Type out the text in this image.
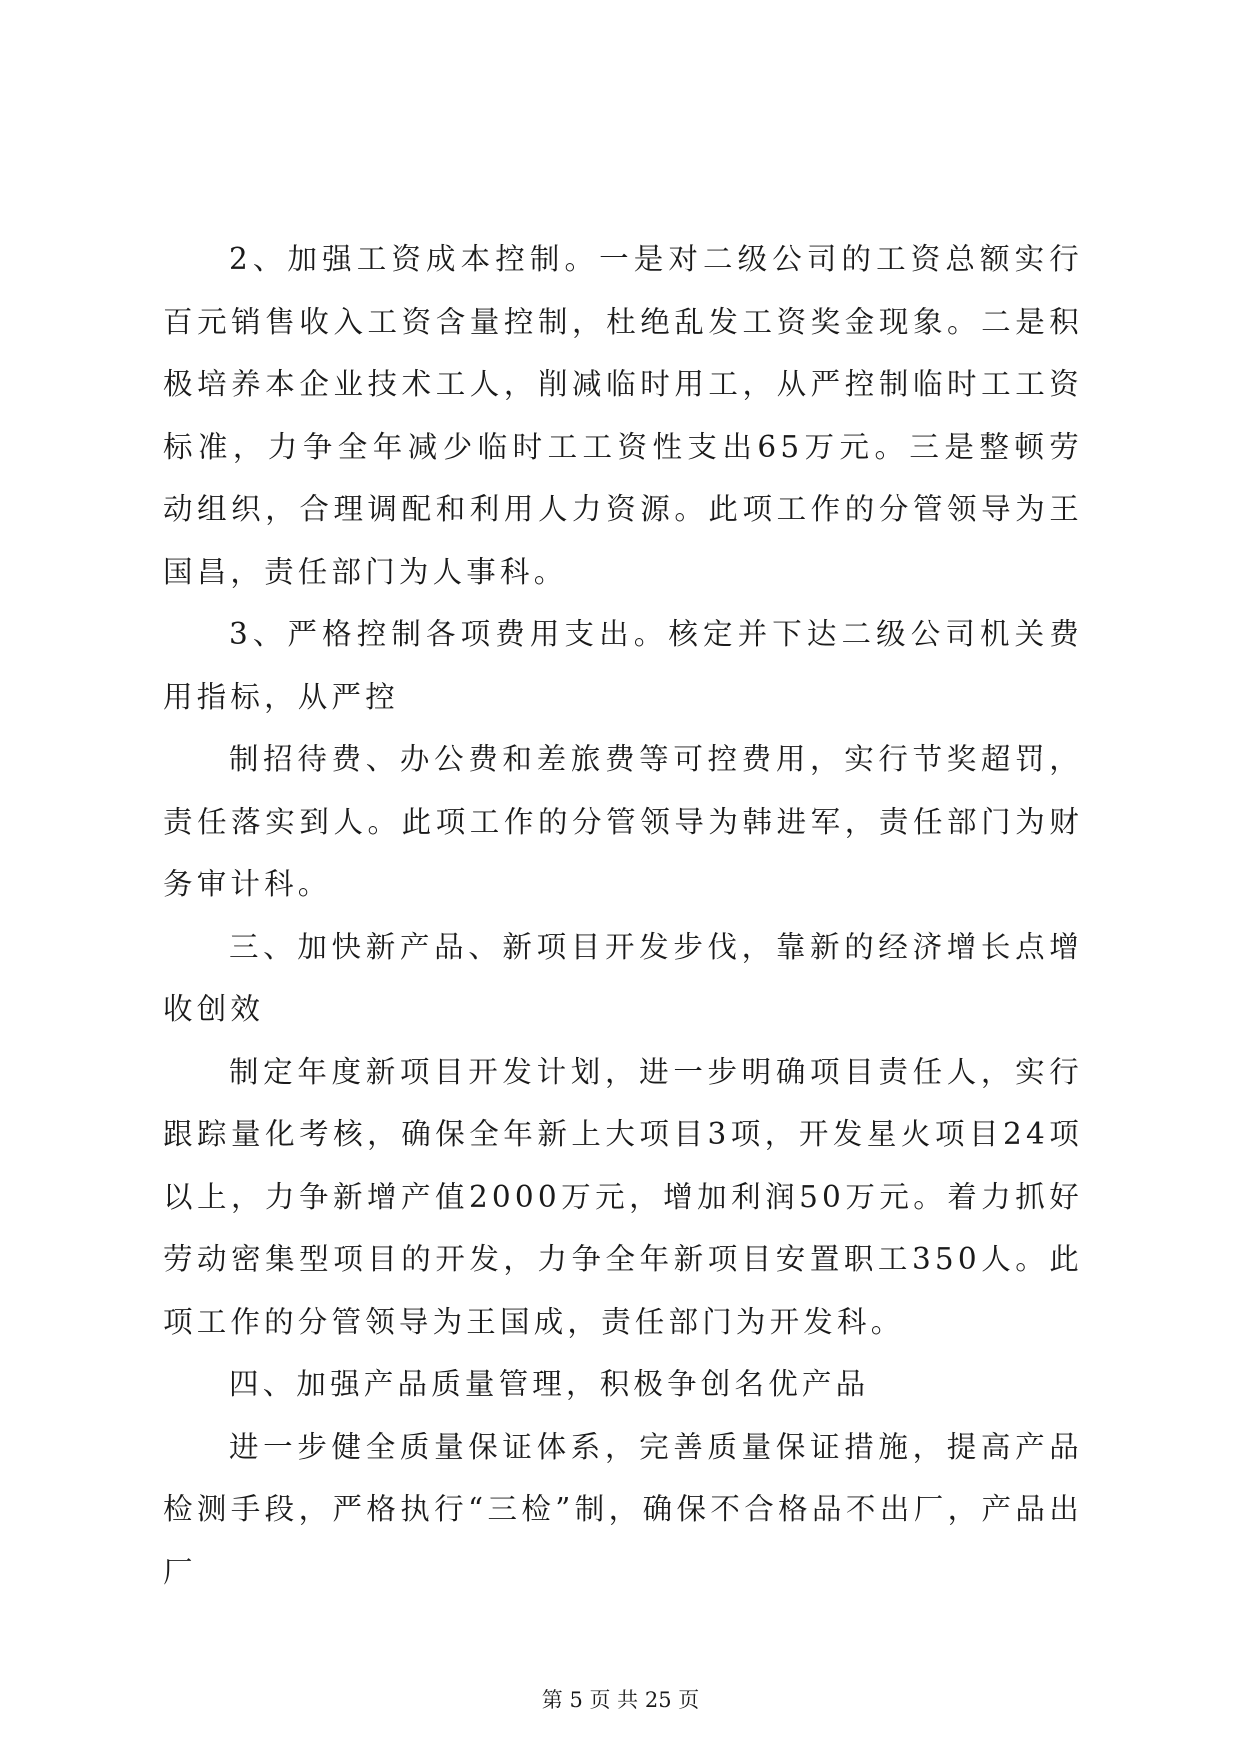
2、加强工资成本控制。一是对二级公司的工资总额实行百元销售收入工资含量控制，杜绝乱发工资奖金现象。二是积极培养本企业技术工人，削减临时用工，从严控制临时工工资标准，力争全年减少临时工工资性支出65万元。三是整顿劳动组织，合理调配和利用人力资源。此项工作的分管领导为王国昌，责任部门为人事科。

3、严格控制各项费用支出。核定并下达二级公司机关费用指标，从严控

制招待费、办公费和差旅费等可控费用，实行节奖超罚，责任落实到人。此项工作的分管领导为韩进军，责任部门为财务审计科。

三、加快新产品、新项目开发步伐，靠新的经济增长点增收创效

制定年度新项目开发计划，进一步明确项目责任人，实行跟踪量化考核，确保全年新上大项目3项，开发星火项目24项以上，力争新增产值2000万元，增加利润50万元。着力抓好劳动密集型项目的开发，力争全年新项目安置职工350人。此项工作的分管领导为王国成，责任部门为开发科。

四、加强产品质量管理，积极争创名优产品

进一步健全质量保证体系，完善质量保证措施，提高产品检测手段，严格执行“三检”制，确保不合格品不出厂，产品出厂

第 5 页 共 25 页
